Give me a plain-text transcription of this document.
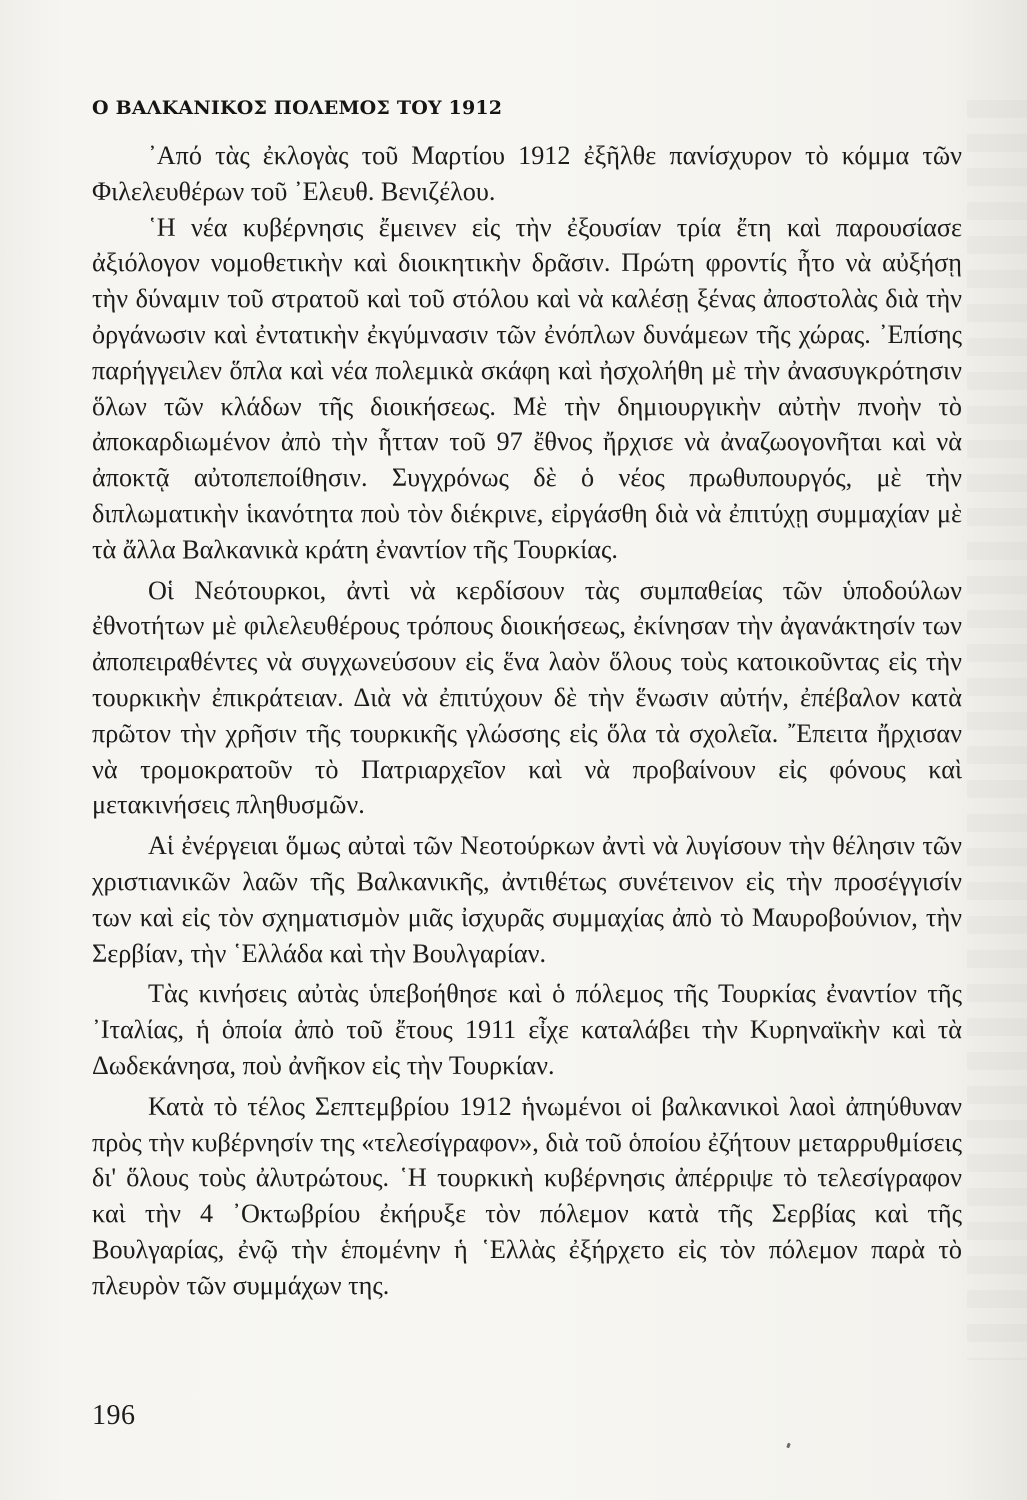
Ο ΒΑΛΚΑΝΙΚΟΣ ΠΟΛΕΜΟΣ ΤΟΥ 1912

᾿Από τὰς ἐκλογὰς τοῦ Μαρτίου 1912 ἐξῆλθε πανίσχυρον τὸ κόμμα τῶν Φιλελευθέρων τοῦ ᾿Ελευθ. Βενιζέλου.

῾Η νέα κυβέρνησις ἔμεινεν εἰς τὴν ἐξουσίαν τρία ἔτη καὶ παρουσίασε ἀξιόλογον νομοθετικὴν καὶ διοικητικὴν δρᾶσιν. Πρώτη φροντίς ἦτο νὰ αὐξήσῃ τὴν δύναμιν τοῦ στρατοῦ καὶ τοῦ στόλου καὶ νὰ καλέσῃ ξένας ἀποστολὰς διὰ τὴν ὀργάνωσιν καὶ ἐντατικὴν ἐκγύμνασιν τῶν ἐνόπλων δυνάμεων τῆς χώρας. ᾿Επίσης παρήγγειλεν ὅπλα καὶ νέα πολεμικὰ σκάφη καὶ ἠσχολήθη μὲ τὴν ἀνασυγκρότησιν ὅλων τῶν κλάδων τῆς διοικήσεως. Μὲ τὴν δημιουργικὴν αὐτὴν πνοὴν τὸ ἀποκαρδιωμένον ἀπὸ τὴν ἧτταν τοῦ 97 ἔθνος ἤρχισε νὰ ἀναζωογονῆται καὶ νὰ ἀποκτᾷ αὐτοπεποίθησιν. Συγχρόνως δὲ ὁ νέος πρωθυπουργός, μὲ τὴν διπλωματικὴν ἱκανότητα ποὺ τὸν διέκρινε, εἰργάσθη διὰ νὰ ἐπιτύχῃ συμμαχίαν μὲ τὰ ἄλλα Βαλκανικὰ κράτη ἐναντίον τῆς Τουρκίας.

Οἱ Νεότουρκοι, ἀντὶ νὰ κερδίσουν τὰς συμπαθείας τῶν ὑποδούλων ἐθνοτήτων μὲ φιλελευθέρους τρόπους διοικήσεως, ἐκίνησαν τὴν ἀγανάκτησίν των ἀποπειραθέντες νὰ συγχωνεύσουν εἰς ἕνα λαὸν ὅλους τοὺς κατοικοῦντας εἰς τὴν τουρκικὴν ἐπικράτειαν. Διὰ νὰ ἐπιτύχουν δὲ τὴν ἕνωσιν αὐτήν, ἐπέβαλον κατὰ πρῶτον τὴν χρῆσιν τῆς τουρκικῆς γλώσσης εἰς ὅλα τὰ σχολεῖα. ῎Επειτα ἤρχισαν νὰ τρομοκρατοῦν τὸ Πατριαρχεῖον καὶ νὰ προβαίνουν εἰς φόνους καὶ μετακινήσεις πληθυσμῶν.

Αἱ ἐνέργειαι ὅμως αὐταὶ τῶν Νεοτούρκων ἀντὶ νὰ λυγίσουν τὴν θέλησιν τῶν χριστιανικῶν λαῶν τῆς Βαλκανικῆς, ἀντιθέτως συνέτεινον εἰς τὴν προσέγγισίν των καὶ εἰς τὸν σχηματισμὸν μιᾶς ἰσχυρᾶς συμμαχίας ἀπὸ τὸ Μαυροβούνιον, τὴν Σερβίαν, τὴν ῾Ελλάδα καὶ τὴν Βουλγαρίαν.

Τὰς κινήσεις αὐτὰς ὑπεβοήθησε καὶ ὁ πόλεμος τῆς Τουρκίας ἐναντίον τῆς ᾿Ιταλίας, ἡ ὁποία ἀπὸ τοῦ ἔτους 1911 εἶχε καταλάβει τὴν Κυρηναϊκὴν καὶ τὰ Δωδεκάνησα, ποὺ ἀνῆκον εἰς τὴν Τουρκίαν.

Κατὰ τὸ τέλος Σεπτεμβρίου 1912 ἡνωμένοι οἱ βαλκανικοὶ λαοὶ ἀπηύθυναν πρὸς τὴν κυβέρνησίν της «τελεσίγραφον», διὰ τοῦ ὁποίου ἐζήτουν μεταρρυθμίσεις δι' ὅλους τοὺς ἀλυτρώτους. ῾Η τουρκικὴ κυβέρνησις ἀπέρριψε τὸ τελεσίγραφον καὶ τὴν 4 ᾿Οκτωβρίου ἐκήρυξε τὸν πόλεμον κατὰ τῆς Σερβίας καὶ τῆς Βουλγαρίας, ἐνῷ τὴν ἑπομένην ἡ ῾Ελλὰς ἐξήρχετο εἰς τὸν πόλεμον παρὰ τὸ πλευρὸν τῶν συμμάχων της.

196
